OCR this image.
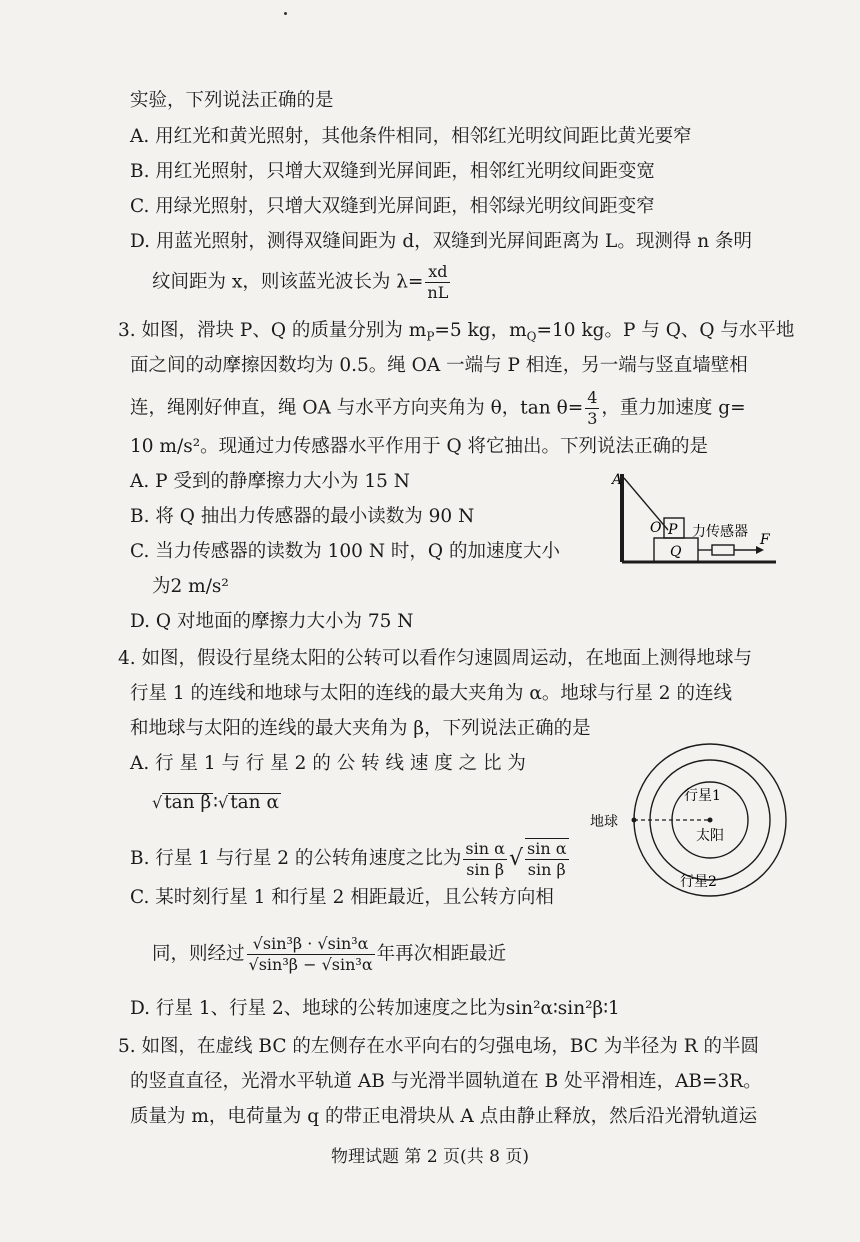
实验，下列说法正确的是
A. 用红光和黄光照射，其他条件相同，相邻红光明纹间距比黄光要窄
B. 用红光照射，只增大双缝到光屏间距，相邻红光明纹间距变宽
C. 用绿光照射，只增大双缝到光屏间距，相邻绿光明纹间距变窄
D. 用蓝光照射，测得双缝间距为 d，双缝到光屏间距离为 L。现测得 n 条明
纹间距为 x，则该蓝光波长为 $\lambda= \frac{xd}{nL}$
3. 如图，滑块 P、Q 的质量分别为 $m_P=5$ kg，$m_Q=10$ kg。P 与 Q、Q 与水平地
面之间的动摩擦因数均为 0.5。绳 OA 一端与 P 相连，另一端与竖直墙壁相
连，绳刚好伸直，绳 OA 与水平方向夹角为 θ，$\tan \theta= \frac{4}{3}$ ，重力加速度 g=
10 m/s²。现通过力传感器水平作用于 Q 将它抽出。下列说法正确的是
A. P 受到的静摩擦力大小为 15 N
B. 将 Q 抽出力传感器的最小读数为 90 N
C. 当力传感器的读数为 100 N 时，Q 的加速度大小
为2 m/s²
D. Q 对地面的摩擦力大小为 75 N
A
O P
Q
力传感器 F
4. 如图，假设行星绕太阳的公转可以看作匀速圆周运动，在地面上测得地球与
行星 1 的连线和地球与太阳的连线的最大夹角为 α。地球与行星 2 的连线
和地球与太阳的连线的最大夹角为 β，下列说法正确的是
A. 行 星 1 与 行 星 2 的 公 转 线 速 度 之 比 为
√ tan β ∶√ tan α
B. 行星 1 与行星 2 的公转角速度之比为 $\frac{\text{sin α}}{\text{sin β}}$ √ $\frac{\text{sin α}}{\text{sin β}}$
C. 某时刻行星 1 和行星 2 相距最近，且公转方向相
同，则经过 $\frac{\text{√sin³β · √sin³α}}{\text{√sin³β − √sin³α}}$ 年再次相距最近
D. 行星 1、行星 2、地球的公转加速度之比为sin²α∶sin²β∶1
行星1
地球
太阳
行星2
5. 如图，在虚线 BC 的左侧存在水平向右的匀强电场，BC 为半径为 R 的半圆
的竖直直径，光滑水平轨道 AB 与光滑半圆轨道在 B 处平滑相连，AB=3R。
质量为 m，电荷量为 q 的带正电滑块从 A 点由静止释放，然后沿光滑轨道运
物理试题 第 2 页(共 8 页)
